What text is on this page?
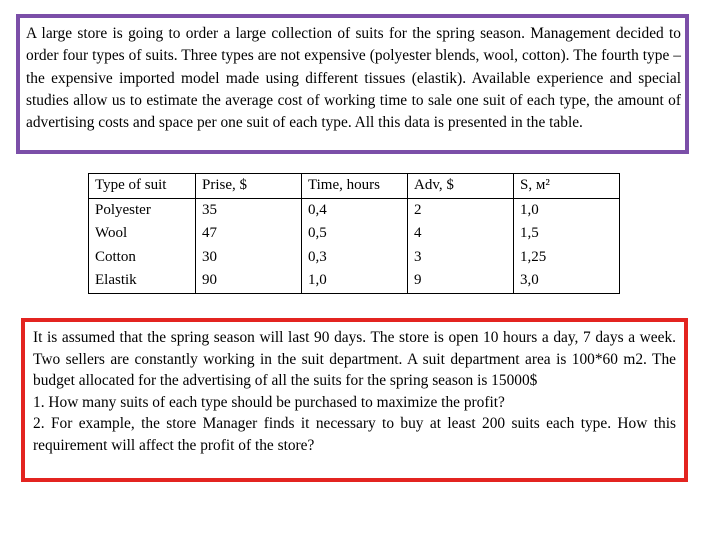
A large store is going to order a large collection of suits for the spring season. Management decided to order four types of suits. Three types are not expensive (polyester blends, wool, cotton). The fourth type – the expensive imported model made using different tissues (elastik). Available experience and special studies allow us to estimate the average cost of working time to sale one suit of each type, the amount of advertising costs and space per one suit of each type. All this data is presented in the table.
Type of suit	Prise, $	Time, hours	Adv, $	S, м²
Polyester	35	0,4	2	1,0
Wool	47	0,5	4	1,5
Cotton	30	0,3	3	1,25
Elastik	90	1,0	9	3,0
It is assumed that the spring season will last 90 days. The store is open 10 hours a day, 7 days a week. Two sellers are constantly working in the suit department. A suit department area is 100*60 m2. The budget allocated for the advertising of all the suits for the spring season is 15000$
1. How many suits of each type should be purchased to maximize the profit?
2. For example, the store Manager finds it necessary to buy at least 200 suits each type. How this requirement will affect the profit of the store?
